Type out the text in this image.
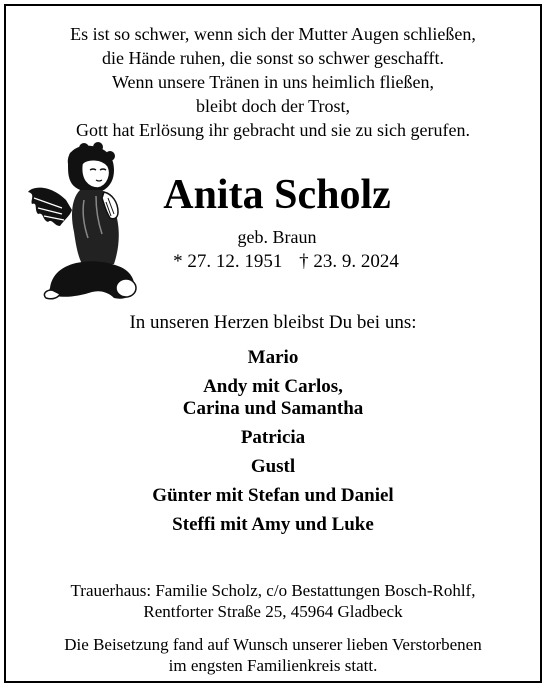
Es ist so schwer, wenn sich der Mutter Augen schließen,
die Hände ruhen, die sonst so schwer geschafft.
Wenn unsere Tränen in uns heimlich fließen,
bleibt doch der Trost,
Gott hat Erlösung ihr gebracht und sie zu sich gerufen.
Anita Scholz
geb. Braun
* 27. 12. 1951 † 23. 9. 2024
In unseren Herzen bleibst Du bei uns:
Mario
Andy mit Carlos,
Carina und Samantha
Patricia
Gustl
Günter mit Stefan und Daniel
Steffi mit Amy und Luke
Trauerhaus: Familie Scholz, c/o Bestattungen Bosch-Rohlf,
Rentforter Straße 25, 45964 Gladbeck
Die Beisetzung fand auf Wunsch unserer lieben Verstorbenen
im engsten Familienkreis statt.
